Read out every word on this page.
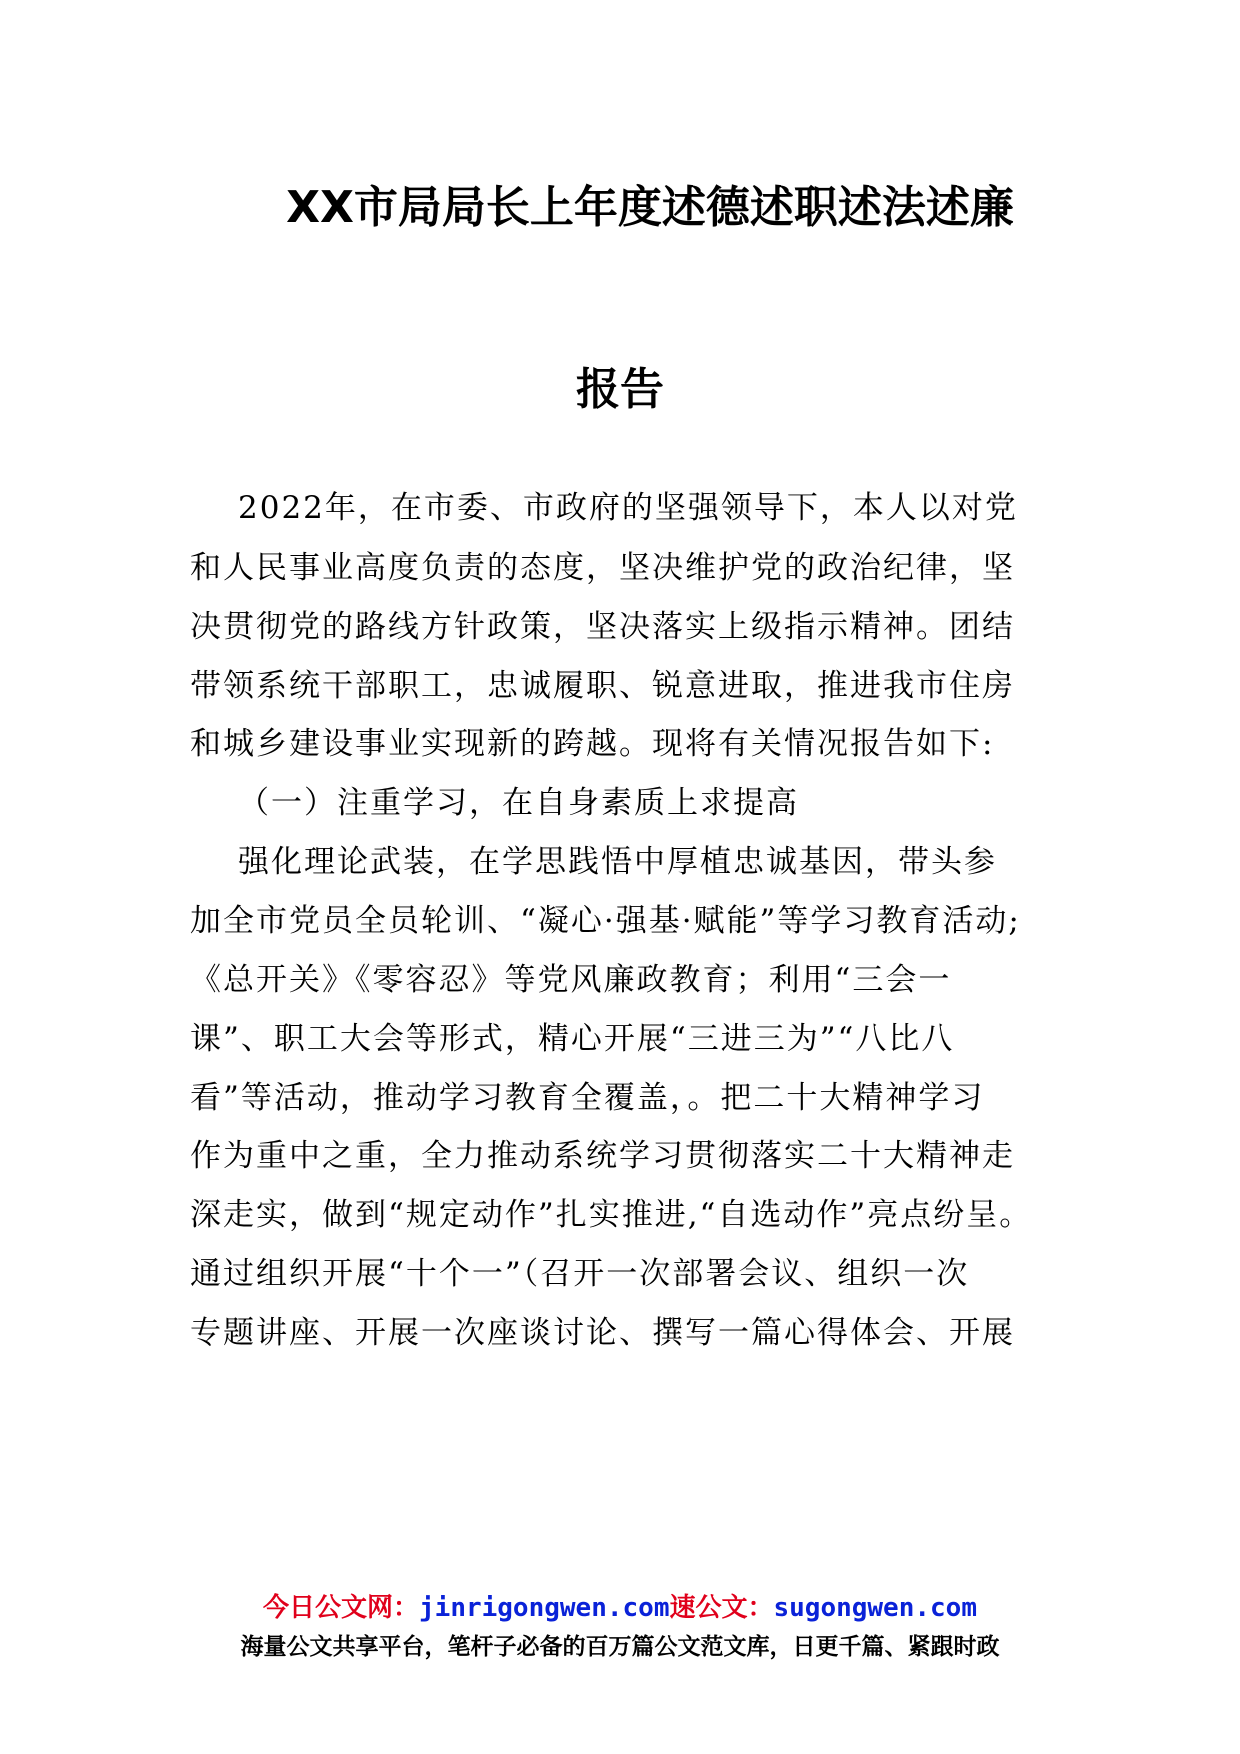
XX市局局长上年度述德述职述法述廉
报告
2022年，在市委、市政府的坚强领导下，本人以对党
和人民事业高度负责的态度，坚决维护党的政治纪律，坚
决贯彻党的路线方针政策，坚决落实上级指示精神。团结
带领系统干部职工，忠诚履职、锐意进取，推进我市住房
和城乡建设事业实现新的跨越。现将有关情况报告如下:
（一）注重学习，在自身素质上求提高
强化理论武装，在学思践悟中厚植忠诚基因，带头参
加全市党员全员轮训、“凝心·强基·赋能”等学习教育活动;
《总开关》《零容忍》等党风廉政教育；利用“三会一
课”、职工大会等形式，精心开展“三进三为”“八比八
看”等活动，推动学习教育全覆盖，。把二十大精神学习
作为重中之重，全力推动系统学习贯彻落实二十大精神走
深走实，做到“规定动作”扎实推进,“自选动作”亮点纷呈。
通过组织开展“十个一”（召开一次部署会议、组织一次
专题讲座、开展一次座谈讨论、撰写一篇心得体会、开展
今日公文网：jinrigongwen.com速公文：sugongwen.com
海量公文共享平台，笔杆子必备的百万篇公文范文库，日更千篇、紧跟时政
